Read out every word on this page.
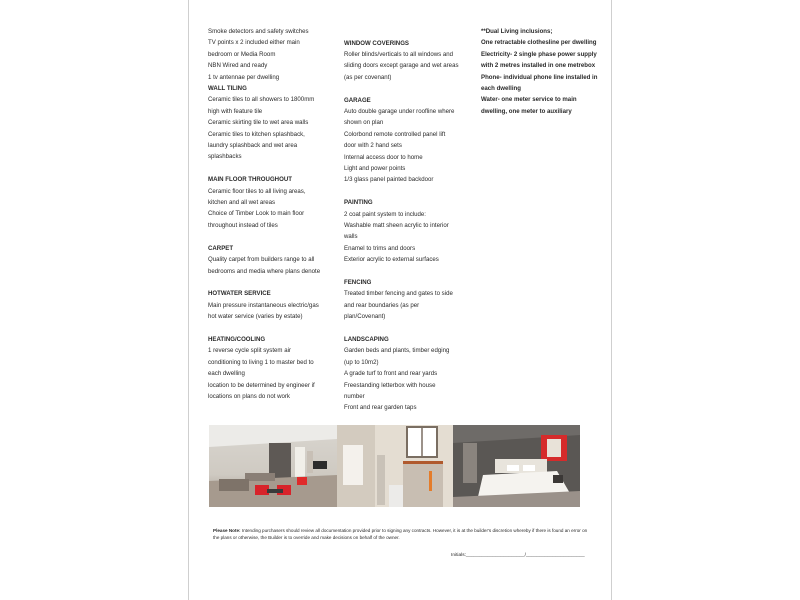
Smoke detectors and safety switches
TV points x 2 included either main
bedroom or Media Room
NBN Wired and ready
1 tv antennae per dwelling
WALL TILING
Ceramic tiles to all showers to 1800mm
high with feature tile
Ceramic skirting tile to wet area walls
Ceramic tiles to kitchen splashback,
laundry splashback and wet area
splashbacks
MAIN FLOOR THROUGHOUT
Ceramic floor tiles to all living areas,
kitchen and all wet areas
Choice of Timber Look to main floor
throughout instead of tiles
CARPET
Quality carpet from builders range to all
bedrooms and media where plans denote
HOTWATER SERVICE
Main pressure instantaneous electric/gas
hot water service (varies by estate)
HEATING/COOLING
1 reverse cycle split system air
conditioning to living 1 to master bed to
each dwelling
location to be determined by engineer if
locations on plans do not work
WINDOW COVERINGS
Roller blinds/verticals to all windows and
sliding doors except garage and wet areas
(as per covenant)
GARAGE
Auto double garage under roofline where
shown on plan
Colorbond remote controlled panel lift
door with 2 hand sets
Internal access door to home
Light and power points
1/3 glass panel painted backdoor
PAINTING
2 coat paint system to include:
Washable matt sheen acrylic to interior
walls
Enamel to trims and doors
Exterior acrylic to external surfaces
FENCING
Treated timber fencing and gates to side
and rear boundaries (as per
plan/Covenant)
LANDSCAPING
Garden beds and plants, timber edging
(up to 10m2)
A grade turf to front and rear yards
Freestanding letterbox with house
number
Front and rear garden taps
**Dual Living inclusions;
One retractable clothesline per dwelling
Electricity- 2 single phase power supply
with 2 metres installed in one metrebox
Phone- individual phone line installed in
each dwelling
Water- one meter service to main
dwelling, one meter to auxiliary
Please Note: Intending purchasers should review all documentation provided prior to signing any contracts. However, it is at the builder's discretion whereby if there is found an error on the plans or otherwise, the Builder is to override and make decisions on behalf of the owner.
Initials:______________________/______________________
